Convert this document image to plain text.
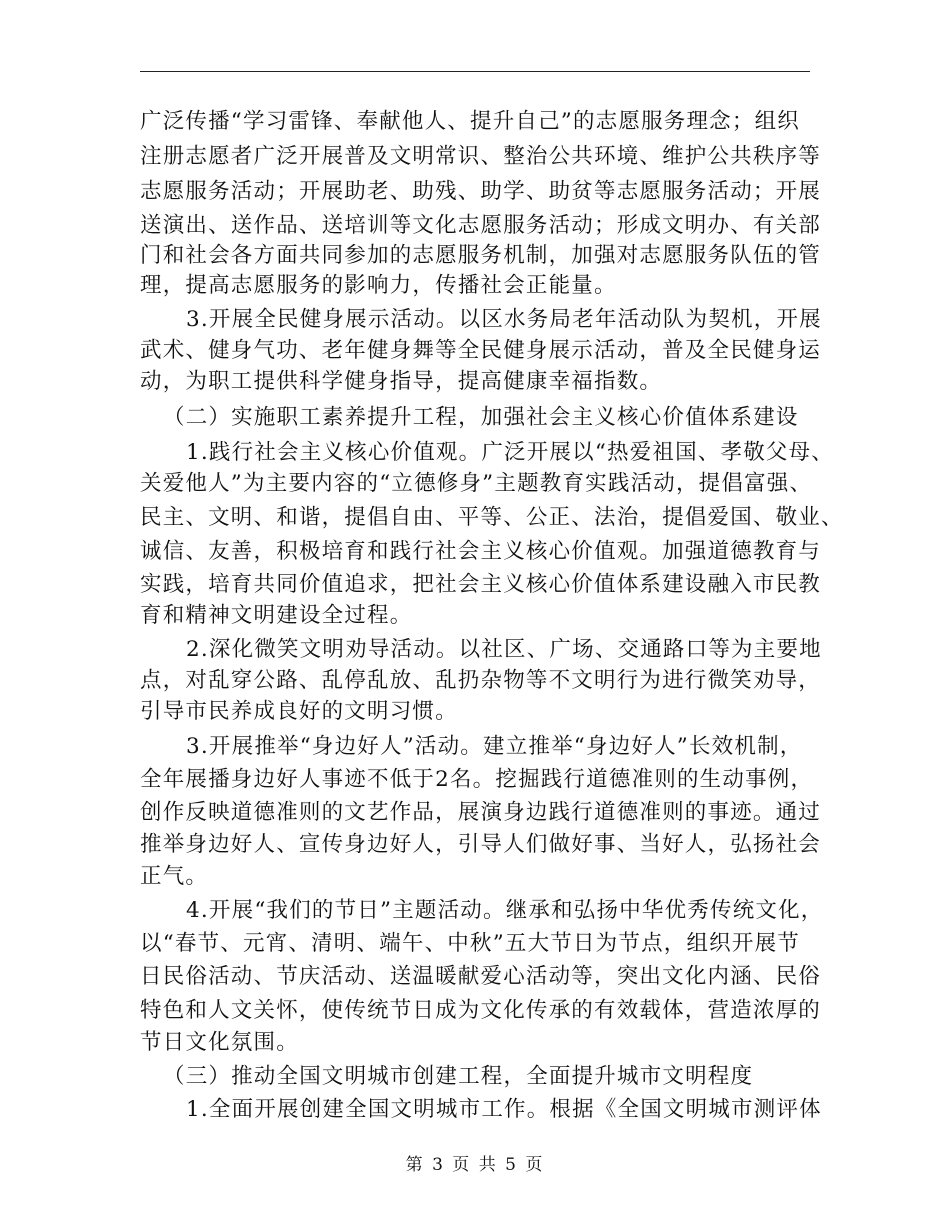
广泛传播“学习雷锋、奉献他人、提升自己”的志愿服务理念；组织
注册志愿者广泛开展普及文明常识、整治公共环境、维护公共秩序等
志愿服务活动；开展助老、助残、助学、助贫等志愿服务活动；开展
送演出、送作品、送培训等文化志愿服务活动；形成文明办、有关部
门和社会各方面共同参加的志愿服务机制，加强对志愿服务队伍的管
理，提高志愿服务的影响力，传播社会正能量。
3.开展全民健身展示活动。以区水务局老年活动队为契机，开展
武术、健身气功、老年健身舞等全民健身展示活动，普及全民健身运
动，为职工提供科学健身指导，提高健康幸福指数。
（二）实施职工素养提升工程，加强社会主义核心价值体系建设
1.践行社会主义核心价值观。广泛开展以“热爱祖国、孝敬父母、
关爱他人”为主要内容的“立德修身”主题教育实践活动，提倡富强、
民主、文明、和谐，提倡自由、平等、公正、法治，提倡爱国、敬业、
诚信、友善，积极培育和践行社会主义核心价值观。加强道德教育与
实践，培育共同价值追求，把社会主义核心价值体系建设融入市民教
育和精神文明建设全过程。
2.深化微笑文明劝导活动。以社区、广场、交通路口等为主要地
点，对乱穿公路、乱停乱放、乱扔杂物等不文明行为进行微笑劝导，
引导市民养成良好的文明习惯。
3.开展推举“身边好人”活动。建立推举“身边好人”长效机制，
全年展播身边好人事迹不低于2名。挖掘践行道德准则的生动事例，
创作反映道德准则的文艺作品，展演身边践行道德准则的事迹。通过
推举身边好人、宣传身边好人，引导人们做好事、当好人，弘扬社会
正气。
4.开展“我们的节日”主题活动。继承和弘扬中华优秀传统文化，
以“春节、元宵、清明、端午、中秋”五大节日为节点，组织开展节
日民俗活动、节庆活动、送温暖献爱心活动等，突出文化内涵、民俗
特色和人文关怀，使传统节日成为文化传承的有效载体，营造浓厚的
节日文化氛围。
（三）推动全国文明城市创建工程，全面提升城市文明程度
1.全面开展创建全国文明城市工作。根据《全国文明城市测评体
第 3 页 共 5 页
